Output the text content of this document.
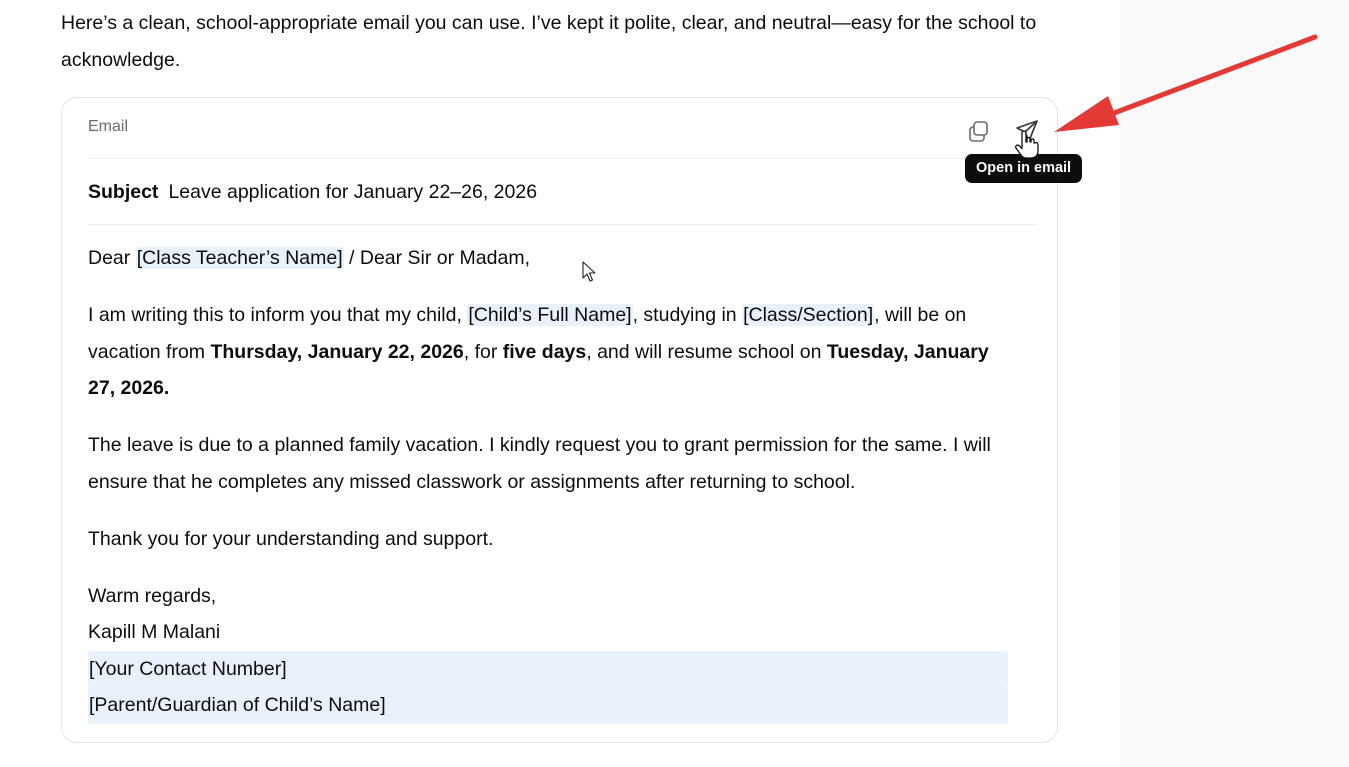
Here’s a clean, school-appropriate email you can use. I’ve kept it polite, clear, and neutral—easy for the school to acknowledge.
Email
Subject Leave application for January 22–26, 2026

Dear [Class Teacher’s Name] / Dear Sir or Madam,

I am writing this to inform you that my child, [Child’s Full Name], studying in [Class/Section], will be on vacation from Thursday, January 22, 2026, for five days, and will resume school on Tuesday, January 27, 2026.

The leave is due to a planned family vacation. I kindly request you to grant permission for the same. I will ensure that he completes any missed classwork or assignments after returning to school.

Thank you for your understanding and support.

Warm regards,
Kapill M Malani
[Your Contact Number]
[Parent/Guardian of Child’s Name]
Open in email
